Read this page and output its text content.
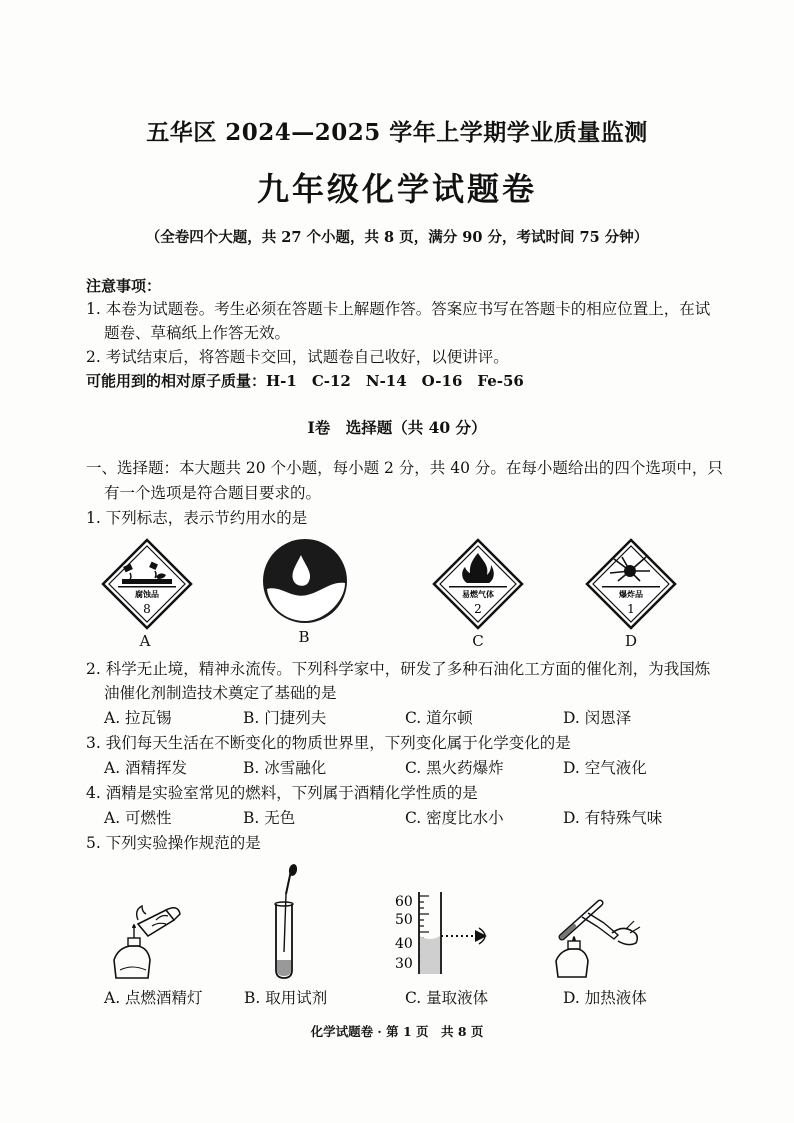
五华区 2024—2025 学年上学期学业质量监测
九年级化学试题卷
（全卷四个大题，共 27 个小题，共 8 页，满分 90 分，考试时间 75 分钟）
注意事项：
1. 本卷为试题卷。考生必须在答题卡上解题作答。答案应书写在答题卡的相应位置上，在试
题卷、草稿纸上作答无效。
2. 考试结束后，将答题卡交回，试题卷自己收好，以便讲评。
可能用到的相对原子质量：H-1　C-12　N-14　O-16　Fe-56
Ⅰ卷　选择题（共 40 分）
一、选择题：本大题共 20 个小题，每小题 2 分，共 40 分。在每小题给出的四个选项中，只
有一个选项是符合题目要求的。
1. 下列标志，表示节约用水的是
腐蚀品
8
A	B
易燃气体
2
C
爆炸品
1
D
2. 科学无止境，精神永流传。下列科学家中，研发了多种石油化工方面的催化剂，为我国炼
油催化剂制造技术奠定了基础的是
A. 拉瓦锡	B. 门捷列夫	C. 道尔顿	D. 闵恩泽
3. 我们每天生活在不断变化的物质世界里，下列变化属于化学变化的是
A. 酒精挥发	B. 冰雪融化	C. 黑火药爆炸	D. 空气液化
4. 酒精是实验室常见的燃料，下列属于酒精化学性质的是
A. 可燃性	B. 无色	C. 密度比水小	D. 有特殊气味
5. 下列实验操作规范的是
A. 点燃酒精灯	B. 取用试剂
60
50
40
30
C. 量取液体	D. 加热液体
化学试题卷 · 第 1 页　共 8 页
